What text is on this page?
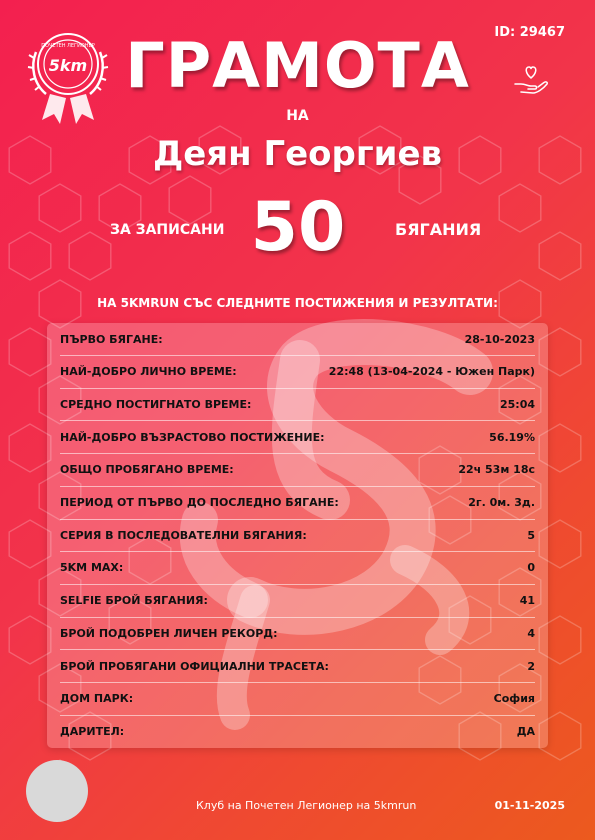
5km
ПОЧЕТЕН ЛЕГИОНЕР
ID: 29467
ГРАМОТА
НА
Деян Георгиев
ЗА ЗАПИСАНИ 50	БЯГАНИЯ
НА 5KMRUN СЪС СЛЕДНИТЕ ПОСТИЖЕНИЯ И РЕЗУЛТАТИ:
ПЪРВО БЯГАНЕ:	28-10-2023
НАЙ-ДОБРО ЛИЧНО ВРЕМЕ:	22:48 (13-04-2024 - Южен Парк)
СРЕДНО ПОСТИГНАТО ВРЕМЕ:	25:04
НАЙ-ДОБРО ВЪЗРАСТОВО ПОСТИЖЕНИЕ:	56.19%
ОБЩО ПРОБЯГАНО ВРЕМЕ:	22ч 53м 18с
ПЕРИОД ОТ ПЪРВО ДО ПОСЛЕДНО БЯГАНЕ:	2г. 0м. 3д.
СЕРИЯ В ПОСЛЕДОВАТЕЛНИ БЯГАНИЯ:	5
5KM MAX:	0
SELFIE БРОЙ БЯГАНИЯ:	41
БРОЙ ПОДОБРЕН ЛИЧЕН РЕКОРД:	4
БРОЙ ПРОБЯГАНИ ОФИЦИАЛНИ ТРАСЕТА:	2
ДОМ ПАРК:	София
ДАРИТЕЛ:	ДА
Клуб на Почетен Легионер на 5kmrun	01-11-2025
